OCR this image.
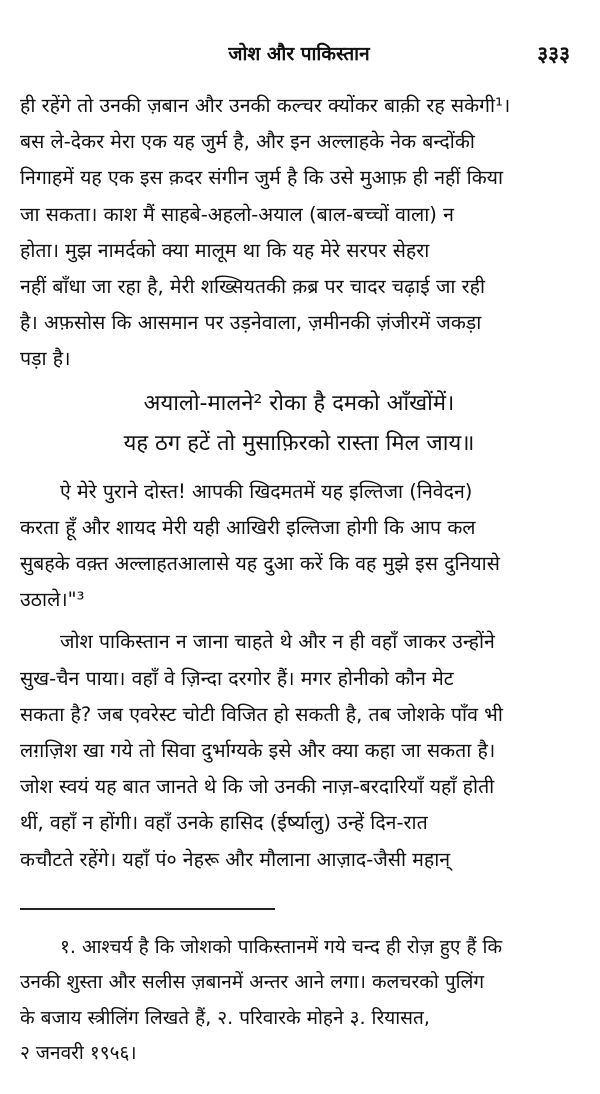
जोश और पाकिस्तान	३३३
ही रहेंगे तो उनकी ज़बान और उनकी कल्चर क्योंकर बाक़ी रह सकेगी¹।
बस ले-देकर मेरा एक यह जुर्म है, और इन अल्लाहके नेक बन्दोंकी
निगाहमें यह एक इस क़दर संगीन जुर्म है कि उसे मुआफ़ ही नहीं किया
जा सकता। काश मैं साहबे-अहलो-अयाल (बाल-बच्चों वाला) न
होता। मुझ नामर्दको क्या मालूम था कि यह मेरे सरपर सेहरा
नहीं बाँधा जा रहा है, मेरी शख्सियतकी क़ब्र पर चादर चढ़ाई जा रही
है। अफ़सोस कि आसमान पर उड़नेवाला, ज़मीनकी ज़ंजीरमें जकड़ा
पड़ा है।
अयालो-मालने² रोका है दमको आँखोंमें।
यह ठग हटें तो मुसाफ़िरको रास्ता मिल जाय॥
ऐ मेरे पुराने दोस्त! आपकी खिदमतमें यह इल्तिजा (निवेदन)
करता हूँ और शायद मेरी यही आखिरी इल्तिजा होगी कि आप कल
सुबहके वक़्त अल्लाहतआलासे यह दुआ करें कि वह मुझे इस दुनियासे
उठाले।"³
जोश पाकिस्तान न जाना चाहते थे और न ही वहाँ जाकर उन्होंने
सुख-चैन पाया। वहाँ वे ज़िन्दा दरगोर हैं। मगर होनीको कौन मेट
सकता है? जब एवरेस्ट चोटी विजित हो सकती है, तब जोशके पाँव भी
लग़ज़िश खा गये तो सिवा दुर्भाग्यके इसे और क्या कहा जा सकता है।
जोश स्वयं यह बात जानते थे कि जो उनकी नाज़-बरदारियाँ यहाँ होती
थीं, वहाँ न होंगी। वहाँ उनके हासिद (ईर्ष्यालु) उन्हें दिन-रात
कचौटते रहेंगे। यहाँ पं० नेहरू और मौलाना आज़ाद-जैसी महान्
१. आश्चर्य है कि जोशको पाकिस्तानमें गये चन्द ही रोज़ हुए हैं कि
उनकी शुस्ता और सलीस ज़बानमें अन्तर आने लगा। कलचरको पुलिंग
के बजाय स्त्रीलिंग लिखते हैं, २. परिवारके मोहने ३. रियासत,
२ जनवरी १९५६।
